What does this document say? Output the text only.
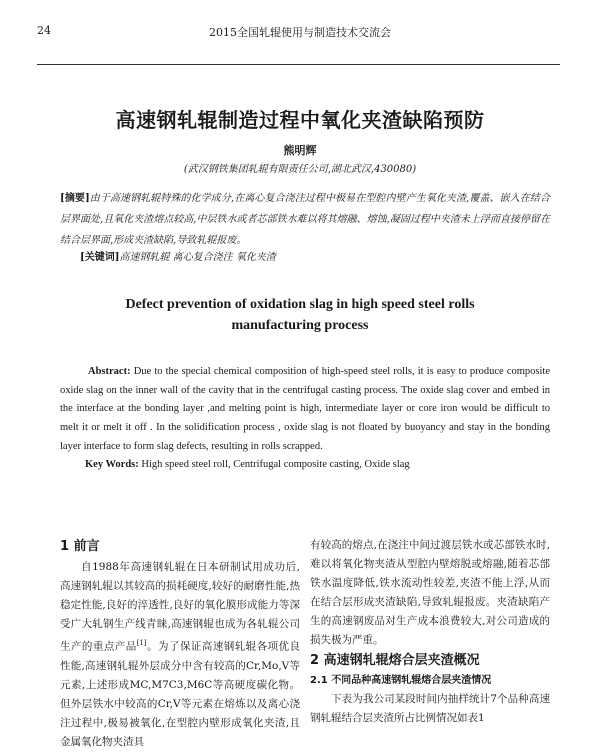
24	2015全国轧辊使用与制造技术交流会
高速钢轧辊制造过程中氧化夹渣缺陷预防
熊明辉
(武汉钢铁集团轧辊有限责任公司,湖北武汉,430080)
[摘要]由于高速钢轧辊特殊的化学成分,在离心复合浇注过程中极易在型腔内壁产生氧化夹渣,覆盖、嵌入在结合层界面处,且氧化夹渣熔点较高,中层铁水或者芯部铁水难以将其熔融、熔蚀,凝固过程中夹渣未上浮而直接停留在结合层界面,形成夹渣缺陷,导致轧辊报废。
[关键词]高速钢轧辊 离心复合浇注 氧化夹渣
Defect prevention of oxidation slag in high speed steel rolls manufacturing process
Abstract: Due to the special chemical composition of high-speed steel rolls, it is easy to produce composite oxide slag on the inner wall of the cavity that in the centrifugal casting process. The oxide slag cover and embed in the interface at the bonding layer ,and melting point is high, intermediate layer or core iron would be difficult to melt it or melt it off . In the solidification process , oxide slag is not floated by buoyancy and stay in the bonding layer interface to form slag defects, resulting in rolls scrapped.
Key Words: High speed steel roll, Centrifugal composite casting, Oxide slag
1 前言
自1988年高速钢轧辊在日本研制试用成功后,高速钢轧辊以其较高的损耗硬度,较好的耐磨性能,热稳定性能,良好的淬透性,良好的氧化膜形成能力等深受广大轧钢生产线青睐,高速钢辊也成为各轧辊公司生产的重点产品[1]。为了保证高速钢轧辊各项优良性能,高速钢轧辊外层成分中含有较高的Cr,Mo,V等元素,上述形成MC,M7C3,M6C等高硬度碳化物。但外层铁水中较高的Cr,V等元素在熔炼以及离心浇注过程中,极易被氧化,在型腔内壁形成氧化夹渣,且金属氧化物夹渣具
有较高的熔点,在浇注中间过渡层铁水或芯部铁水时,难以将氧化物夹渣从型腔内壁熔脱或熔融,随着芯部铁水温度降低,铁水流动性较差,夹渣不能上浮,从而在结合层形成夹渣缺陷,导致轧辊报废。夹渣缺陷产生的高速钢废品对生产成本浪费较大,对公司造成的损失极为严重。
2 高速钢轧辊熔合层夹渣概况
2.1 不同品种高速钢轧辊熔合层夹渣情况
下表为我公司某段时间内抽样统计7个品种高速钢轧辊结合层夹渣所占比例情况如表1
